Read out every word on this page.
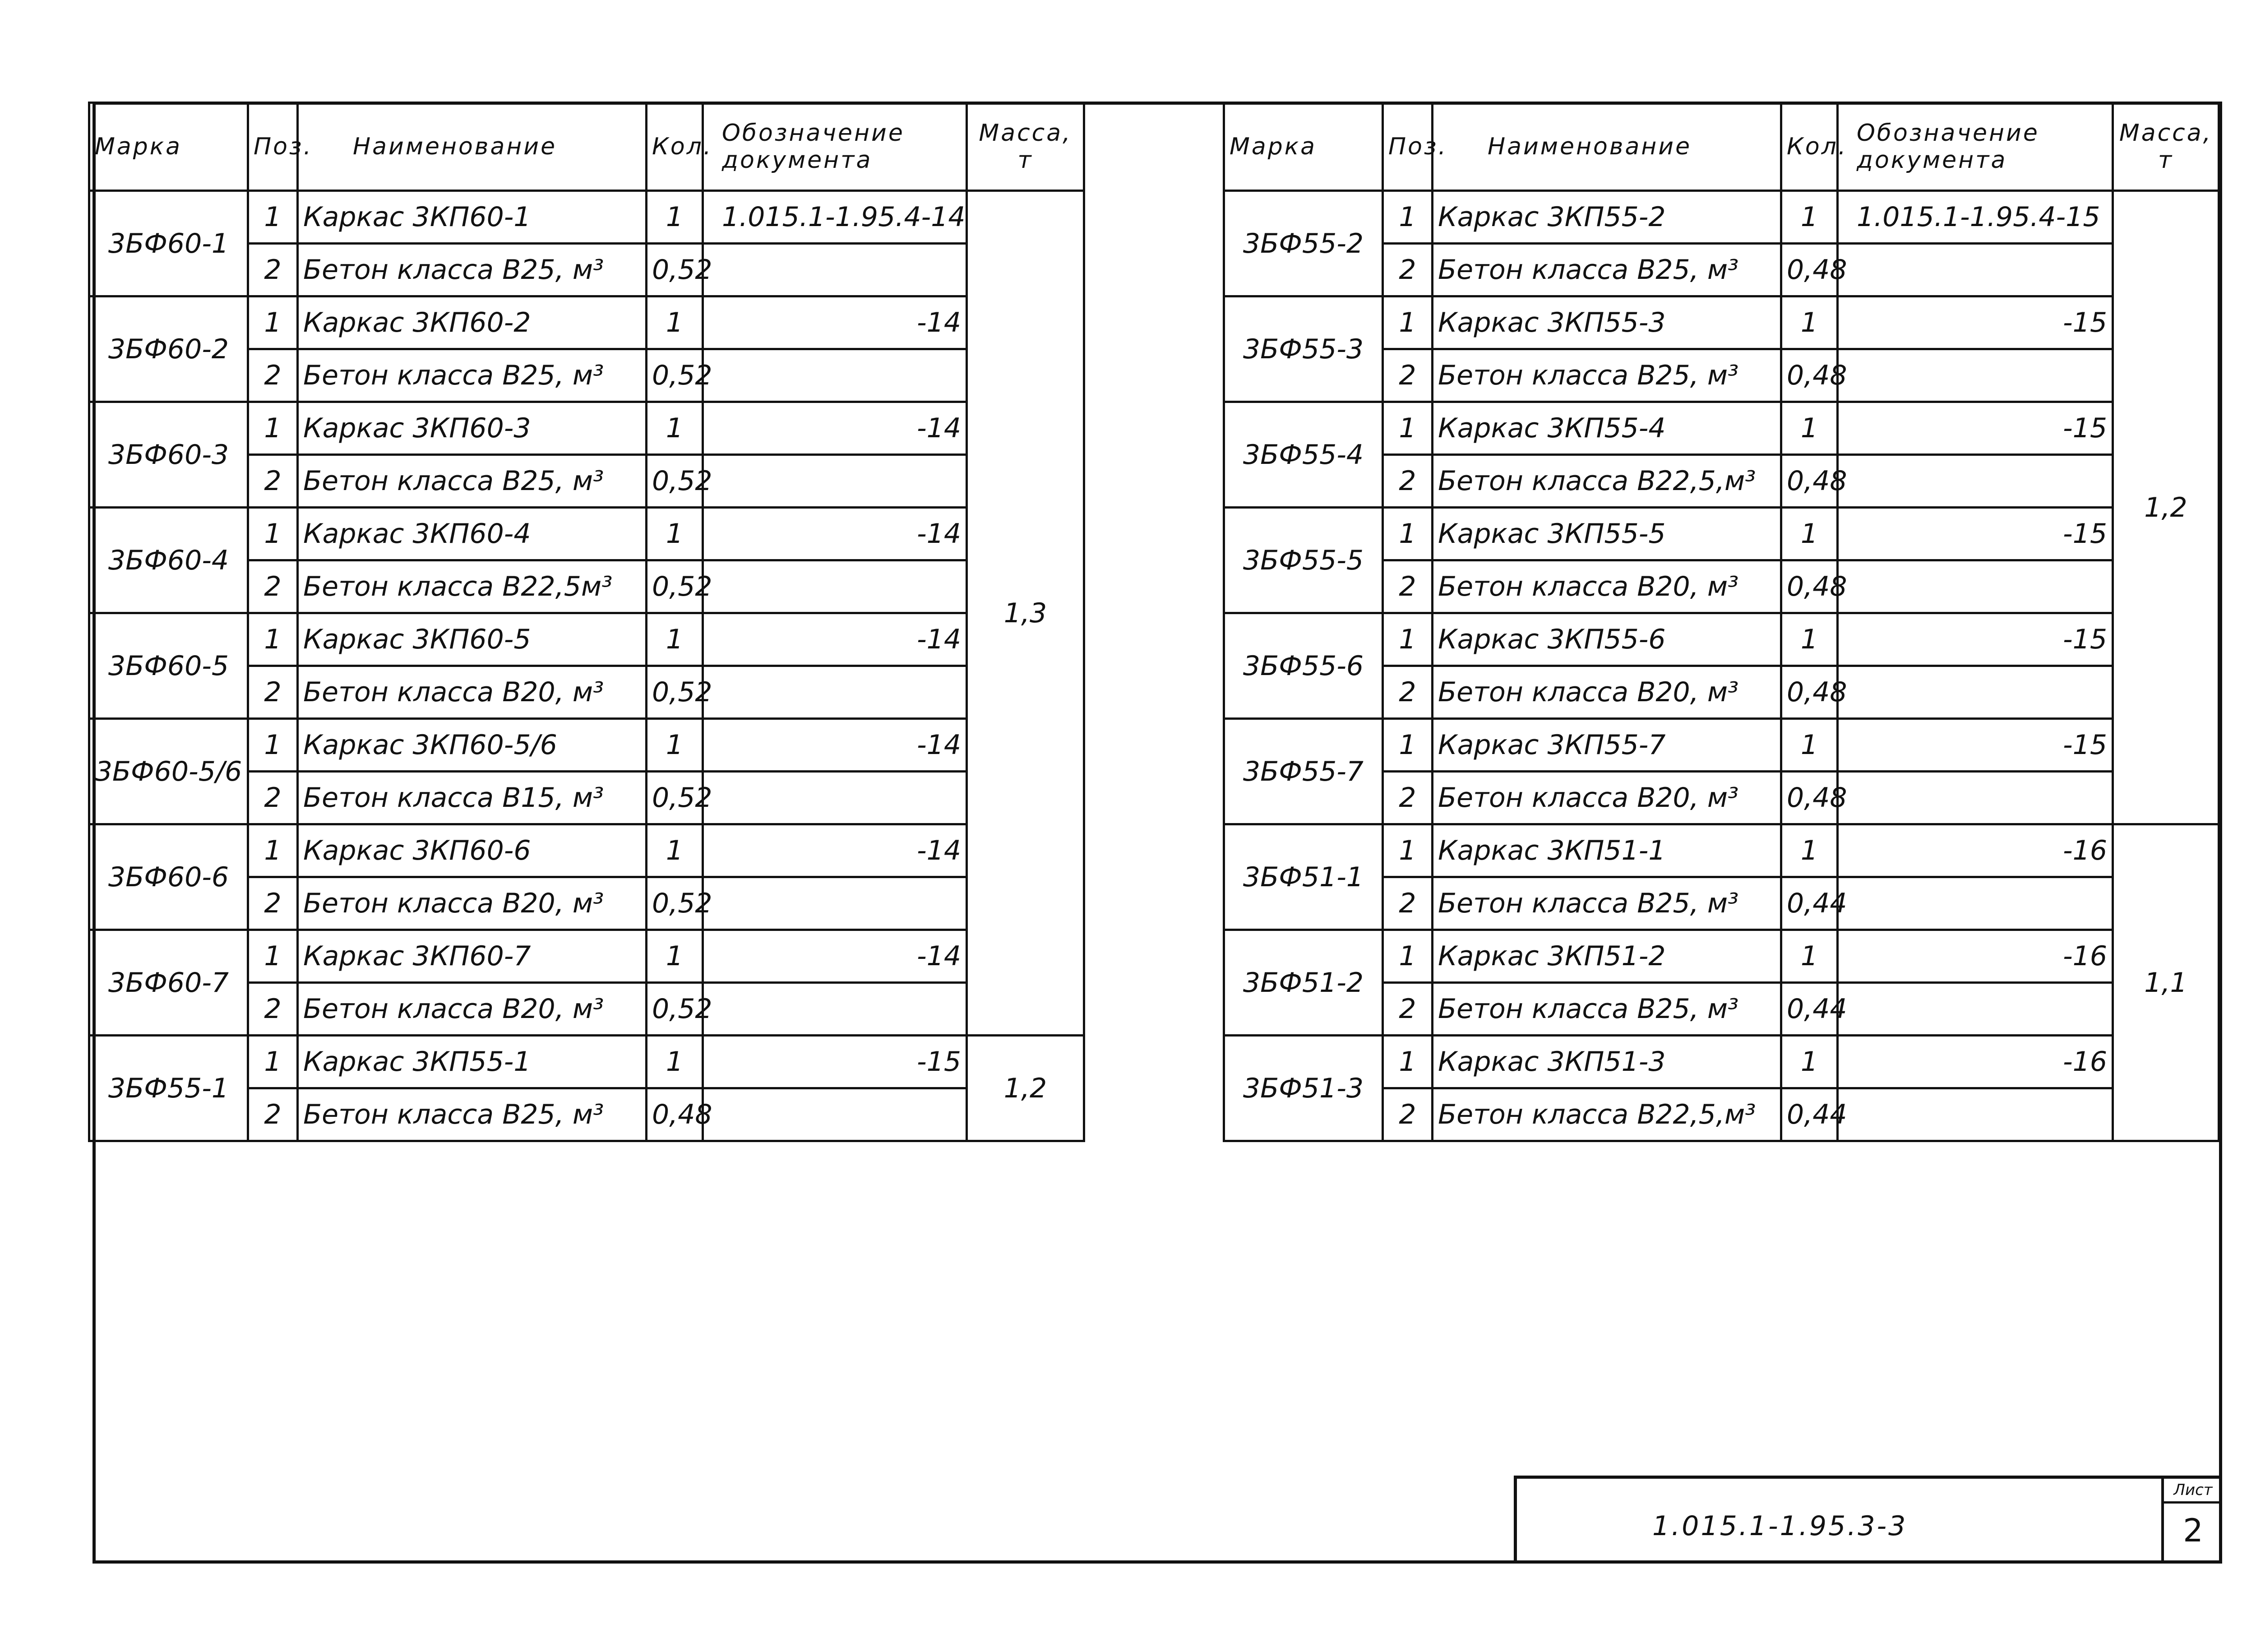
Марка	Поз.	Наименование	Кол.	Обозначение документа	Масса, т
3БФ60-1	1	Каркас 3КП60-1	1	1.015.1-1.95.4-14	1,3
	2	Бетон класса В25, м³	0,52		
3БФ60-2	1	Каркас 3КП60-2	1	-14	
	2	Бетон класса В25, м³	0,52		
3БФ60-3	1	Каркас 3КП60-3	1	-14	
	2	Бетон класса В25, м³	0,52		
3БФ60-4	1	Каркас 3КП60-4	1	-14	
	2	Бетон класса В22,5м³	0,52		
3БФ60-5	1	Каркас 3КП60-5	1	-14	
	2	Бетон класса В20, м³	0,52		
3БФ60-5/6	1	Каркас 3КП60-5/6	1	-14	
	2	Бетон класса В15, м³	0,52		
3БФ60-6	1	Каркас 3КП60-6	1	-14	
	2	Бетон класса В20, м³	0,52		
3БФ60-7	1	Каркас 3КП60-7	1	-14	
	2	Бетон класса В20, м³	0,52		
3БФ55-1	1	Каркас 3КП55-1	1	-15	1,2
	2	Бетон класса В25, м³	0,48		
Марка	Поз.	Наименование	Кол.	Обозначение документа	Масса, т
3БФ55-2	1	Каркас 3КП55-2	1	1.015.1-1.95.4-15	1,2
	2	Бетон класса В25, м³	0,48		
3БФ55-3	1	Каркас 3КП55-3	1	-15	
	2	Бетон класса В25, м³	0,48		
3БФ55-4	1	Каркас 3КП55-4	1	-15	
	2	Бетон класса В22,5,м³	0,48		
3БФ55-5	1	Каркас 3КП55-5	1	-15	
	2	Бетон класса В20, м³	0,48		
3БФ55-6	1	Каркас 3КП55-6	1	-15	
	2	Бетон класса В20, м³	0,48		
3БФ55-7	1	Каркас 3КП55-7	1	-15	
	2	Бетон класса В20, м³	0,48		
3БФ51-1	1	Каркас 3КП51-1	1	-16	1,1
	2	Бетон класса В25, м³	0,44		
3БФ51-2	1	Каркас 3КП51-2	1	-16	
	2	Бетон класса В25, м³	0,44		
3БФ51-3	1	Каркас 3КП51-3	1	-16	
	2	Бетон класса В22,5,м³	0,44		
1.015.1-1.95.3-3
Лист
2
